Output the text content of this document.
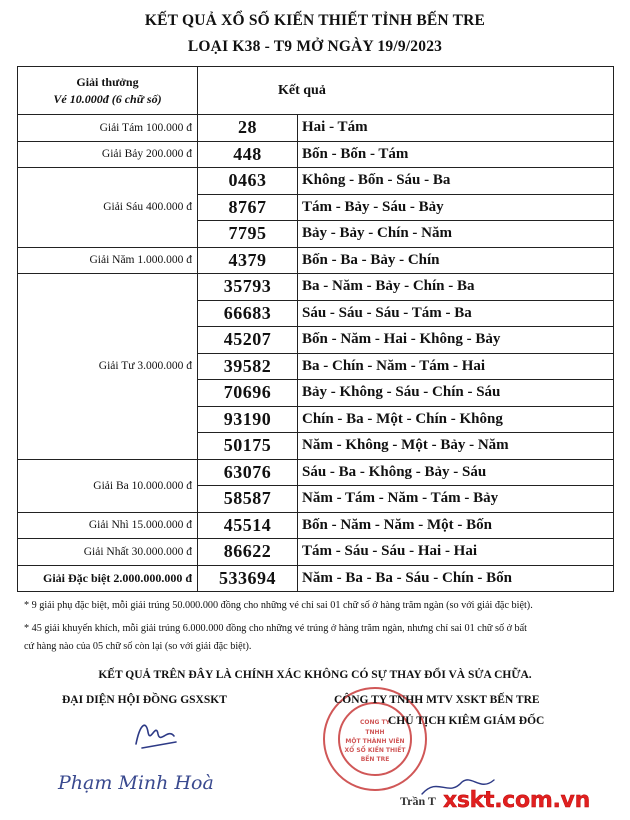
KẾT QUẢ XỔ SỐ KIẾN THIẾT TỈNH BẾN TRE
LOẠI K38 - T9 MỞ NGÀY 19/9/2023
Giải thưởng
Vé 10.000đ (6 chữ số)	Kết quả	
Giải Tám 100.000 đ	28	Hai - Tám
Giải Bảy 200.000 đ	448	Bốn - Bốn - Tám
Giải Sáu 400.000 đ	0463	Không - Bốn - Sáu - Ba
	8767	Tám - Bảy - Sáu - Bảy
	7795	Bảy - Bảy - Chín - Năm
Giải Năm 1.000.000 đ	4379	Bốn - Ba - Bảy - Chín
Giải Tư 3.000.000 đ	35793	Ba - Năm - Bảy - Chín - Ba
	66683	Sáu - Sáu - Sáu - Tám - Ba
	45207	Bốn - Năm - Hai - Không - Bảy
	39582	Ba - Chín - Năm - Tám - Hai
	70696	Bảy - Không - Sáu - Chín - Sáu
	93190	Chín - Ba - Một - Chín - Không
	50175	Năm - Không - Một - Bảy - Năm
Giải Ba 10.000.000 đ	63076	Sáu - Ba - Không - Bảy - Sáu
	58587	Năm - Tám - Năm - Tám - Bảy
Giải Nhì 15.000.000 đ	45514	Bốn - Năm - Năm - Một - Bốn
Giải Nhất 30.000.000 đ	86622	Tám - Sáu - Sáu - Hai - Hai
Giải Đặc biệt 2.000.000.000 đ	533694	Năm - Ba - Ba - Sáu - Chín - Bốn
* 9 giải phụ đặc biệt, mỗi giải trúng 50.000.000 đồng cho những vé chỉ sai 01 chữ số ở hàng trăm ngàn (so với giải đặc biệt).
* 45 giải khuyến khích, mỗi giải trúng 6.000.000 đồng cho những vé trúng ở hàng trăm ngàn, nhưng chỉ sai 01 chữ số ở bất
cứ hàng nào của 05 chữ số còn lại (so với giải đặc biệt).
KẾT QUẢ TRÊN ĐÂY LÀ CHÍNH XÁC KHÔNG CÓ SỰ THAY ĐỔI VÀ SỬA CHỮA.
ĐẠI DIỆN HỘI ĐỒNG GSXSKT
CÔNG TY
TNHH
MỘT THÀNH VIÊN
XỔ SỐ KIẾN THIẾT
BẾN TRE
CÔNG TY TNHH MTV XSKT BẾN TRE
CHỦ TỊCH KIÊM GIÁM ĐỐC
Phạm Minh Hoà
Trần T xskt.com.vn
